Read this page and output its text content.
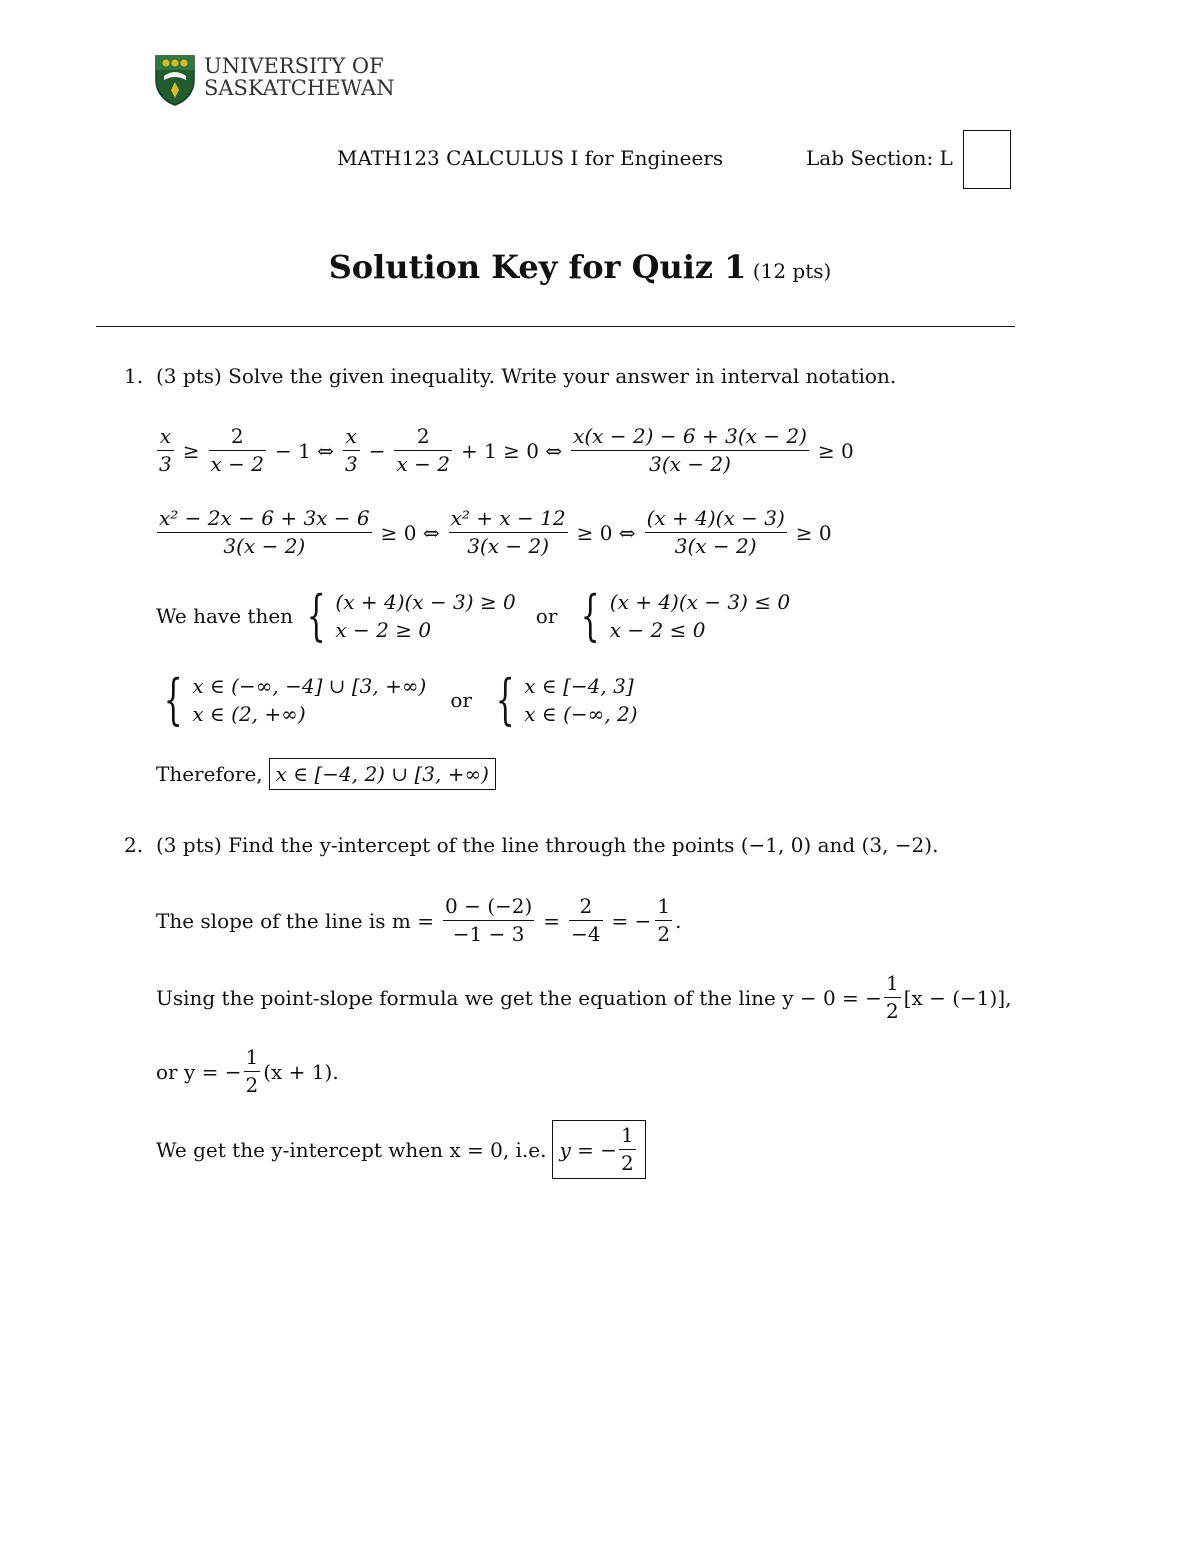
UNIVERSITY OF
SASKATCHEWAN
MATH123 CALCULUS I for Engineers	Lab Section: L
Solution Key for Quiz 1 (12 pts)
1. (3 pts) Solve the given inequality. Write your answer in interval notation.
$\frac{x}{3} \ge \frac{2}{x - 2} - 1$ ⇔ $\frac{x}{3} - \frac{2}{x - 2} + 1 \ge 0$ ⇔ $\frac{x(x - 2) - 6 + 3(x - 2)}{3(x - 2)} \ge 0$
$\frac{\text{x² − 2x − 6 + 3x − 6}}{3(x - 2)} \ge 0$ ⇔ $\frac{\text{x² + x − 12}}{3(x - 2)} \ge 0$ ⇔ $\frac{(x + 4)(x - 3)}{3(x - 2)} \ge 0$
We have then { (x + 4)(x − 3) ≥ 0
x − 2 ≥ 0
or { (x + 4)(x − 3) ≤ 0
x − 2 ≤ 0
{ x ∈ (−∞, −4] ∪ [3, +∞)
x ∈ (2, +∞)
or { x ∈ [−4, 3]
x ∈ (−∞, 2)
Therefore, x ∈ [−4, 2) ∪ [3, +∞)
2. (3 pts) Find the y-intercept of the line through the points (−1, 0) and (3, −2).
The slope of the line is $m = \frac{0 - (-2)}{-1 - 3} = \frac{2}{-4}$ = − $\frac{1}{2}$ .
Using the point-slope formula we get the equation of the line y − 0 = − $\frac{1}{2} [x - (-1)]$,
or y = − $\frac{1}{2} (x + 1)$.
We get the y-intercept when x = 0, i.e. y = − $\frac{1}{2}$
